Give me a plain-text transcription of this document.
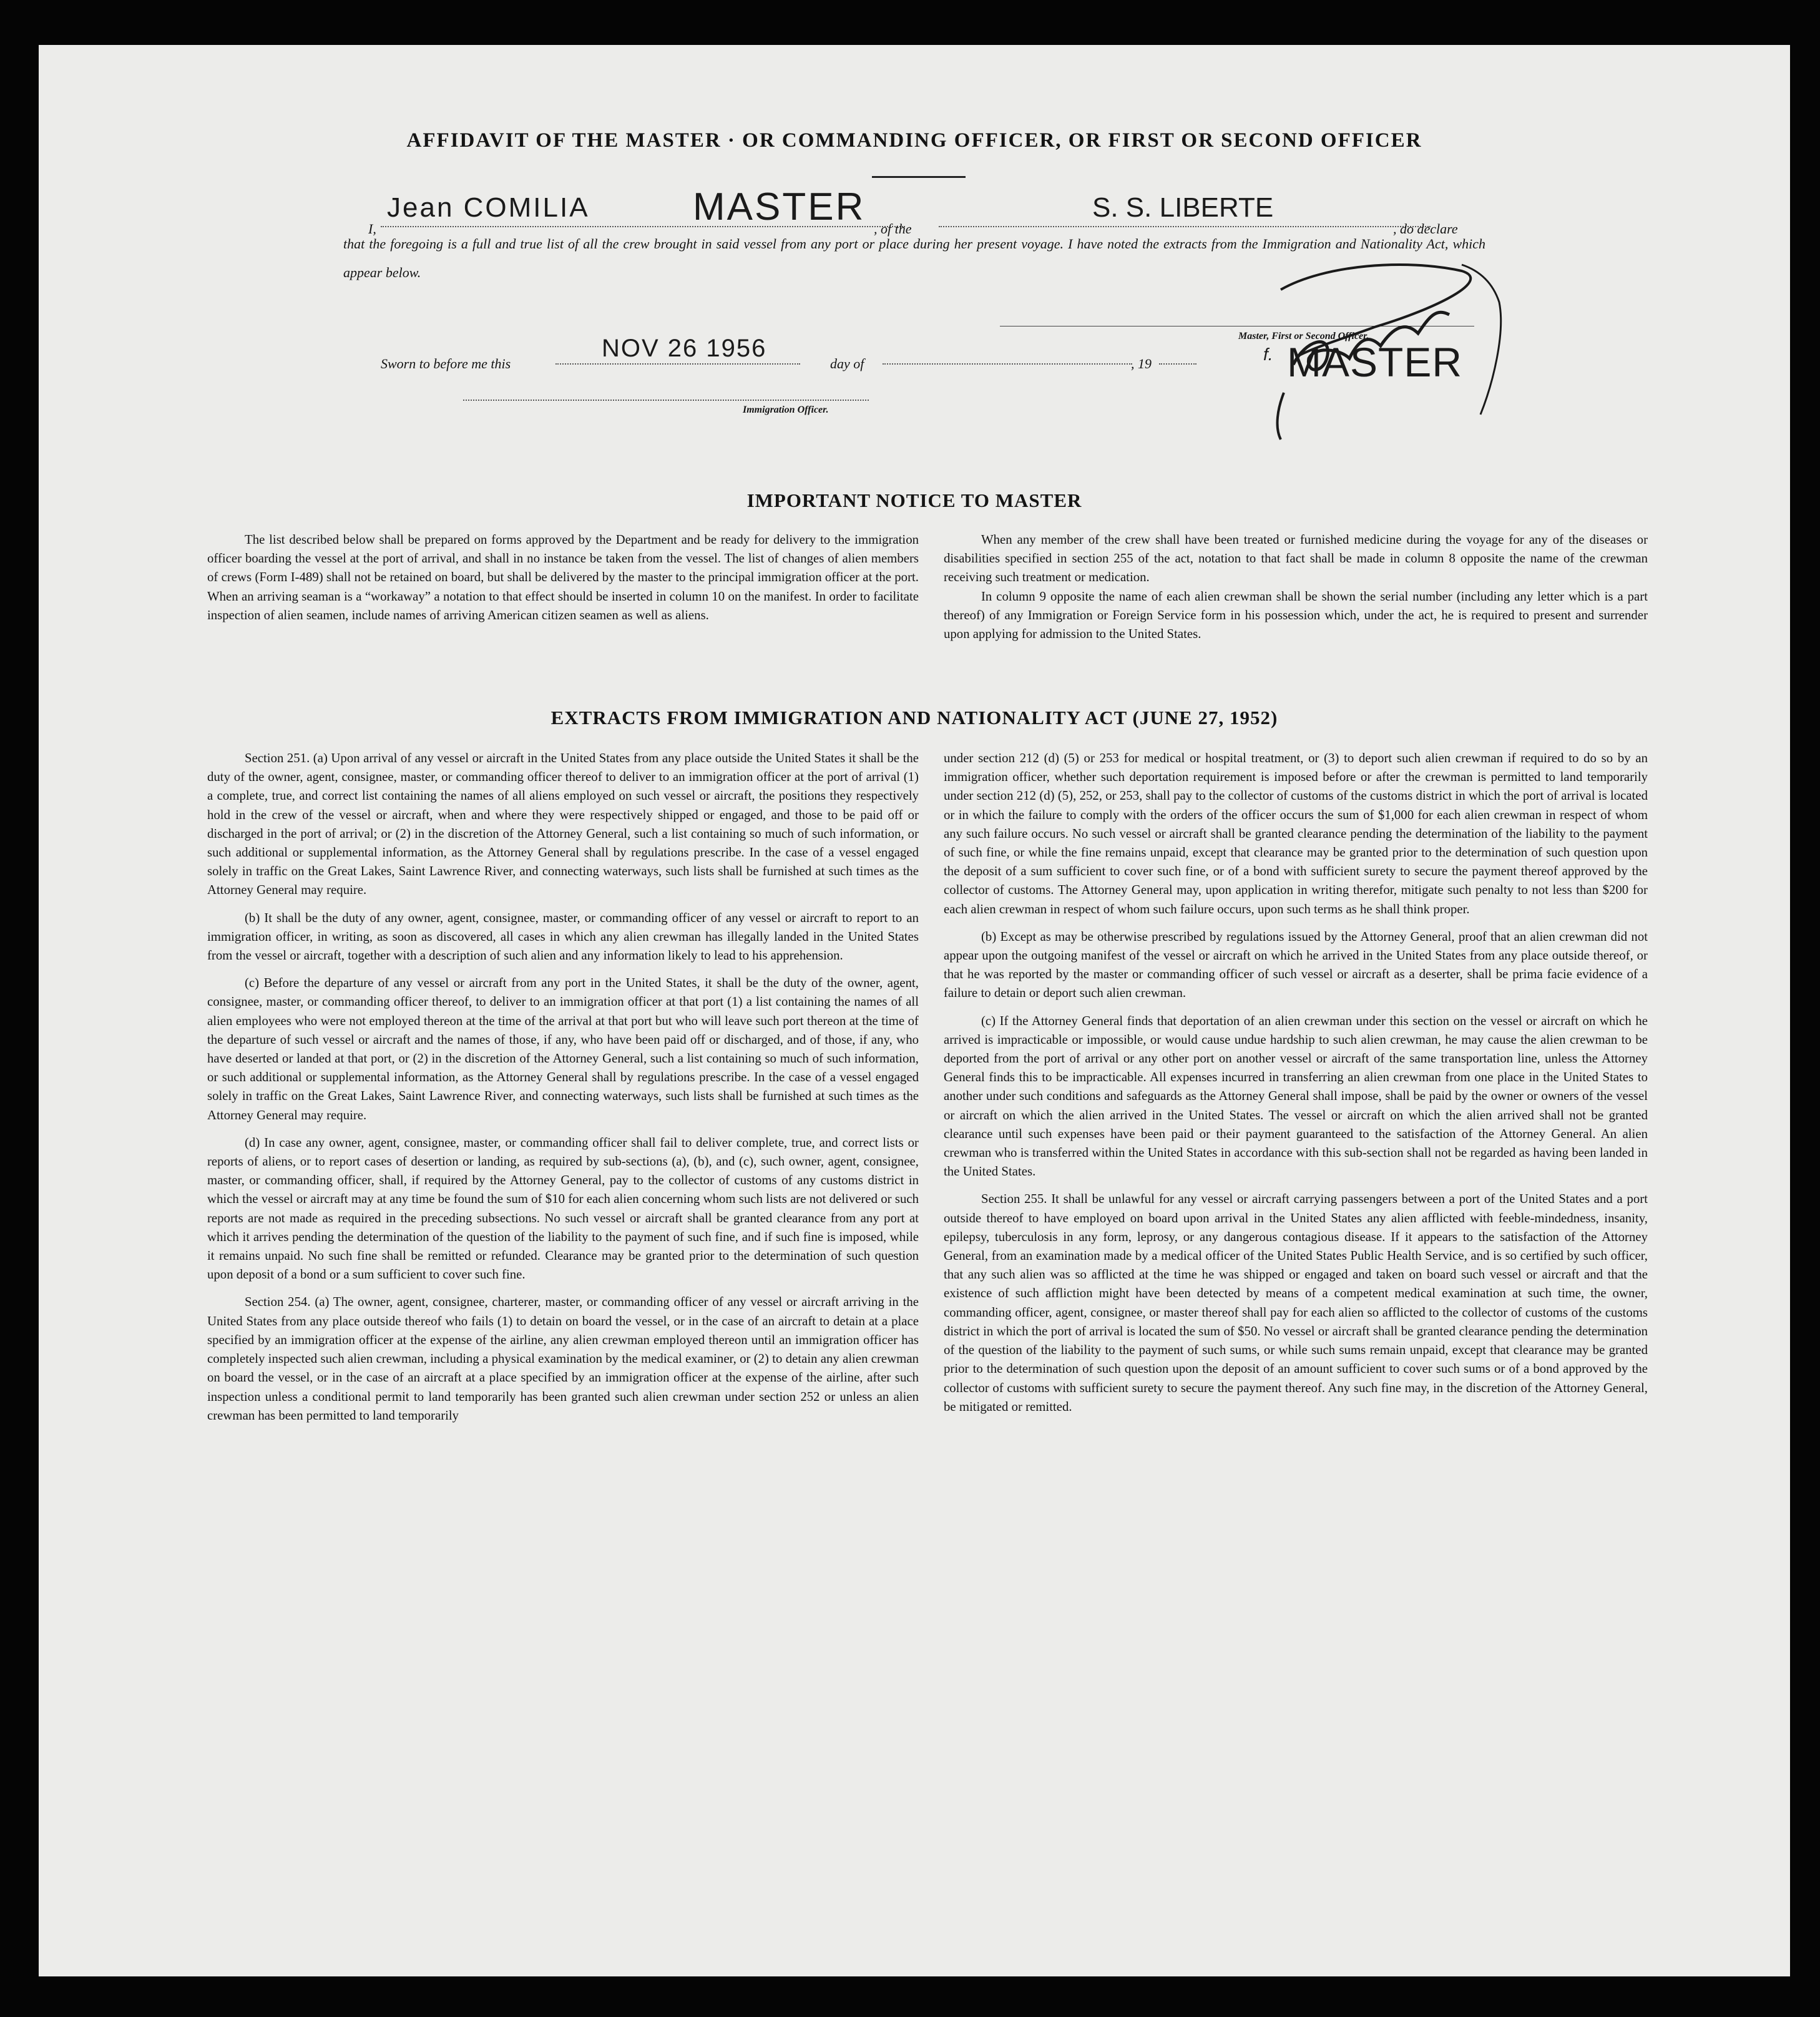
AFFIDAVIT OF THE MASTER · OR COMMANDING OFFICER, OR FIRST OR SECOND OFFICER
I,
Jean COMILIA	MASTER
, of the
S. S. LIBERTE
, do declare
that the foregoing is a full and true list of all the crew brought in said vessel from any port or place during her present voyage. I have noted the extracts from the Immigration and Nationality Act, which appear below.
Master, First or Second Officer.
f. MASTER
Sworn to before me this
NOV 26 1956
day of	, 19
Immigration Officer.
IMPORTANT NOTICE TO MASTER

The list described below shall be prepared on forms approved by the Department and be ready for delivery to the immigration officer boarding the vessel at the port of arrival, and shall in no instance be taken from the vessel. The list of changes of alien members of crews (Form I-489) shall not be retained on board, but shall be delivered by the master to the principal immigration officer at the port. When an arriving seaman is a “workaway” a notation to that effect should be inserted in column 10 on the manifest. In order to facilitate inspection of alien seamen, include names of arriving American citizen seamen as well as aliens.

When any member of the crew shall have been treated or furnished medicine during the voyage for any of the diseases or disabilities specified in section 255 of the act, notation to that fact shall be made in column 8 opposite the name of the crewman receiving such treatment or medication.

In column 9 opposite the name of each alien crewman shall be shown the serial number (including any letter which is a part thereof) of any Immigration or Foreign Service form in his possession which, under the act, he is required to present and surrender upon applying for admission to the United States.

EXTRACTS FROM IMMIGRATION AND NATIONALITY ACT (JUNE 27, 1952)

Section 251. (a) Upon arrival of any vessel or aircraft in the United States from any place outside the United States it shall be the duty of the owner, agent, consignee, master, or commanding officer thereof to deliver to an immigration officer at the port of arrival (1) a complete, true, and correct list containing the names of all aliens employed on such vessel or aircraft, the positions they respectively hold in the crew of the vessel or aircraft, when and where they were respectively shipped or engaged, and those to be paid off or discharged in the port of arrival; or (2) in the discretion of the Attorney General, such a list containing so much of such information, or such additional or supplemental information, as the Attorney General shall by regulations prescribe. In the case of a vessel engaged solely in traffic on the Great Lakes, Saint Lawrence River, and connecting waterways, such lists shall be furnished at such times as the Attorney General may require.

(b) It shall be the duty of any owner, agent, consignee, master, or commanding officer of any vessel or aircraft to report to an immigration officer, in writing, as soon as discovered, all cases in which any alien crewman has illegally landed in the United States from the vessel or aircraft, together with a description of such alien and any information likely to lead to his apprehension.

(c) Before the departure of any vessel or aircraft from any port in the United States, it shall be the duty of the owner, agent, consignee, master, or commanding officer thereof, to deliver to an immigration officer at that port (1) a list containing the names of all alien employees who were not employed thereon at the time of the arrival at that port but who will leave such port thereon at the time of the departure of such vessel or aircraft and the names of those, if any, who have been paid off or discharged, and of those, if any, who have deserted or landed at that port, or (2) in the discretion of the Attorney General, such a list containing so much of such information, or such additional or supplemental information, as the Attorney General shall by regulations prescribe. In the case of a vessel engaged solely in traffic on the Great Lakes, Saint Lawrence River, and connecting waterways, such lists shall be furnished at such times as the Attorney General may require.

(d) In case any owner, agent, consignee, master, or commanding officer shall fail to deliver complete, true, and correct lists or reports of aliens, or to report cases of desertion or landing, as required by sub-sections (a), (b), and (c), such owner, agent, consignee, master, or commanding officer, shall, if required by the Attorney General, pay to the collector of customs of any customs district in which the vessel or aircraft may at any time be found the sum of $10 for each alien concerning whom such lists are not delivered or such reports are not made as required in the preceding subsections. No such vessel or aircraft shall be granted clearance from any port at which it arrives pending the determination of the question of the liability to the payment of such fine, and if such fine is imposed, while it remains unpaid. No such fine shall be remitted or refunded. Clearance may be granted prior to the determination of such question upon deposit of a bond or a sum sufficient to cover such fine.

Section 254. (a) The owner, agent, consignee, charterer, master, or commanding officer of any vessel or aircraft arriving in the United States from any place outside thereof who fails (1) to detain on board the vessel, or in the case of an aircraft to detain at a place specified by an immigration officer at the expense of the airline, any alien crewman employed thereon until an immigration officer has completely inspected such alien crewman, including a physical examination by the medical examiner, or (2) to detain any alien crewman on board the vessel, or in the case of an aircraft at a place specified by an immigration officer at the expense of the airline, after such inspection unless a conditional permit to land temporarily has been granted such alien crewman under section 252 or unless an alien crewman has been permitted to land temporarily

under section 212 (d) (5) or 253 for medical or hospital treatment, or (3) to deport such alien crewman if required to do so by an immigration officer, whether such deportation requirement is imposed before or after the crewman is permitted to land temporarily under section 212 (d) (5), 252, or 253, shall pay to the collector of customs of the customs district in which the port of arrival is located or in which the failure to comply with the orders of the officer occurs the sum of $1,000 for each alien crewman in respect of whom any such failure occurs. No such vessel or aircraft shall be granted clearance pending the determination of the liability to the payment of such fine, or while the fine remains unpaid, except that clearance may be granted prior to the determination of such question upon the deposit of a sum sufficient to cover such fine, or of a bond with sufficient surety to secure the payment thereof approved by the collector of customs. The Attorney General may, upon application in writing therefor, mitigate such penalty to not less than $200 for each alien crewman in respect of whom such failure occurs, upon such terms as he shall think proper.

(b) Except as may be otherwise prescribed by regulations issued by the Attorney General, proof that an alien crewman did not appear upon the outgoing manifest of the vessel or aircraft on which he arrived in the United States from any place outside thereof, or that he was reported by the master or commanding officer of such vessel or aircraft as a deserter, shall be prima facie evidence of a failure to detain or deport such alien crewman.

(c) If the Attorney General finds that deportation of an alien crewman under this section on the vessel or aircraft on which he arrived is impracticable or impossible, or would cause undue hardship to such alien crewman, he may cause the alien crewman to be deported from the port of arrival or any other port on another vessel or aircraft of the same transportation line, unless the Attorney General finds this to be impracticable. All expenses incurred in transferring an alien crewman from one place in the United States to another under such conditions and safeguards as the Attorney General shall impose, shall be paid by the owner or owners of the vessel or aircraft on which the alien arrived in the United States. The vessel or aircraft on which the alien arrived shall not be granted clearance until such expenses have been paid or their payment guaranteed to the satisfaction of the Attorney General. An alien crewman who is transferred within the United States in accordance with this sub-section shall not be regarded as having been landed in the United States.

Section 255. It shall be unlawful for any vessel or aircraft carrying passengers between a port of the United States and a port outside thereof to have employed on board upon arrival in the United States any alien afflicted with feeble-mindedness, insanity, epilepsy, tuberculosis in any form, leprosy, or any dangerous contagious disease. If it appears to the satisfaction of the Attorney General, from an examination made by a medical officer of the United States Public Health Service, and is so certified by such officer, that any such alien was so afflicted at the time he was shipped or engaged and taken on board such vessel or aircraft and that the existence of such affliction might have been detected by means of a competent medical examination at such time, the owner, commanding officer, agent, consignee, or master thereof shall pay for each alien so afflicted to the collector of customs of the customs district in which the port of arrival is located the sum of $50. No vessel or aircraft shall be granted clearance pending the determination of the question of the liability to the payment of such sums, or while such sums remain unpaid, except that clearance may be granted prior to the determination of such question upon the deposit of an amount sufficient to cover such sums or of a bond approved by the collector of customs with sufficient surety to secure the payment thereof. Any such fine may, in the discretion of the Attorney General, be mitigated or remitted.
